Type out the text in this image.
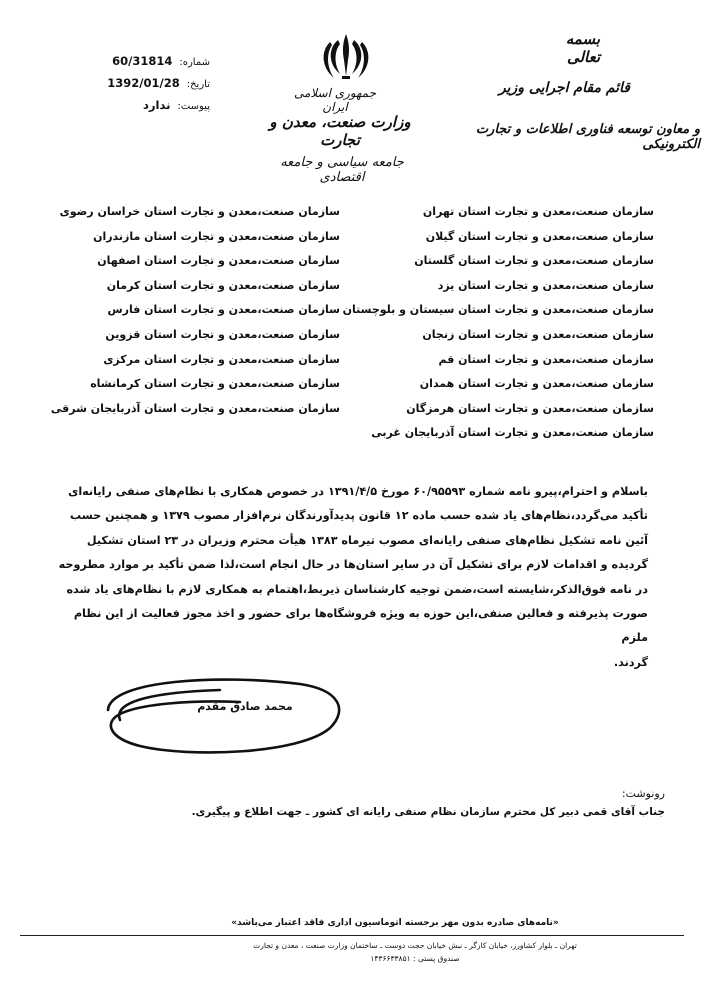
بسمه تعالی
قائم مقام اجرایی وزیر
و معاون توسعه فناوری اطلاعات و تجارت الکترونیکی
جمهوری اسلامی ایران
وزارت صنعت، معدن و تجارت
جامعه سیاسی و جامعه اقتصادی
شماره: 60/31814
تاریخ: 1392/01/28
پیوست: ندارد
سازمان صنعت،معدن و تجارت استان تهران
سازمان صنعت،معدن و تجارت استان گیلان
سازمان صنعت،معدن و تجارت استان گلستان
سازمان صنعت،معدن و تجارت استان یزد
سازمان صنعت،معدن و تجارت استان سیستان و بلوچستان
سازمان صنعت،معدن و تجارت استان زنجان
سازمان صنعت،معدن و تجارت استان قم
سازمان صنعت،معدن و تجارت استان همدان
سازمان صنعت،معدن و تجارت استان هرمزگان
سازمان صنعت،معدن و تجارت استان آذربایجان غربی
سازمان صنعت،معدن و تجارت استان خراسان رضوی
سازمان صنعت،معدن و تجارت استان مازندران
سازمان صنعت،معدن و تجارت استان اصفهان
سازمان صنعت،معدن و تجارت استان کرمان
سازمان صنعت،معدن و تجارت استان فارس
سازمان صنعت،معدن و تجارت استان قزوین
سازمان صنعت،معدن و تجارت استان مرکزی
سازمان صنعت،معدن و تجارت استان کرمانشاه
سازمان صنعت،معدن و تجارت استان آذربایجان شرقی

باسلام و احترام،پیرو نامه شماره ۶۰/۹۵۵۹۳ مورخ ۱۳۹۱/۴/۵ در خصوص همکاری با نظام‌های صنفی رایانه‌ای

تأکید می‌گردد،نظام‌های یاد شده حسب ماده ۱۲ قانون پدیدآورندگان نرم‌افزار مصوب ۱۳۷۹ و همچنین حسب

آئین نامه تشکیل نظام‌های صنفی رایانه‌ای مصوب تیرماه ۱۳۸۳ هیأت محترم وزیران در ۲۳ استان تشکیل

گردیده و اقدامات لازم برای تشکیل آن در سایر استان‌ها در حال انجام است،لذا ضمن تأکید بر موارد مطروحه

در نامه فوق‌الذکر،شایسته است،ضمن توجیه کارشناسان ذیربط،اهتمام به همکاری لازم با نظام‌های یاد شده

صورت پذیرفته و فعالین صنفی،این حوزه به ویژه فروشگاه‌ها برای حضور و اخذ مجوز فعالیت از این نظام ملزم

گردند.

محمد صادق مقدم
رونوشت:
جناب آقای قمی دبیر کل محترم سازمان نظام صنفی رایانه ای کشور ـ جهت اطلاع و پیگیری.
«نامه‌های صادره بدون مهر برجسته اتوماسیون اداری فاقد اعتبار می‌باشد»
تهران ـ بلوار کشاورز، خیابان کارگر ـ نبش خیابان حجت دوست ـ ساختمان وزارت صنعت ، معدن و تجارت
صندوق پستی : ۱۴۳۶۶۳۳۸۵۱
